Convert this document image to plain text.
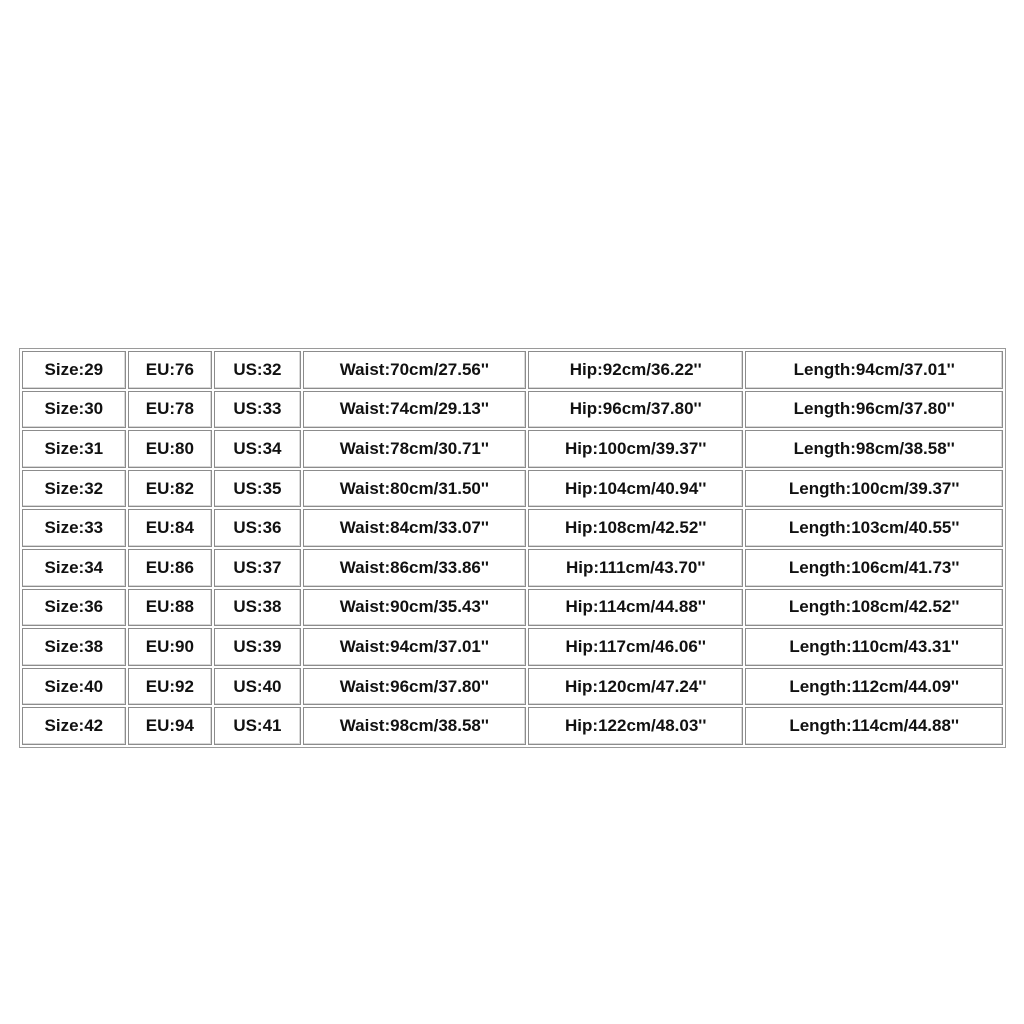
Size:29	EU:76	US:32	Waist:70cm/27.56''	Hip:92cm/36.22''	Length:94cm/37.01''
Size:30	EU:78	US:33	Waist:74cm/29.13''	Hip:96cm/37.80''	Length:96cm/37.80''
Size:31	EU:80	US:34	Waist:78cm/30.71''	Hip:100cm/39.37''	Length:98cm/38.58''
Size:32	EU:82	US:35	Waist:80cm/31.50''	Hip:104cm/40.94''	Length:100cm/39.37''
Size:33	EU:84	US:36	Waist:84cm/33.07''	Hip:108cm/42.52''	Length:103cm/40.55''
Size:34	EU:86	US:37	Waist:86cm/33.86''	Hip:111cm/43.70''	Length:106cm/41.73''
Size:36	EU:88	US:38	Waist:90cm/35.43''	Hip:114cm/44.88''	Length:108cm/42.52''
Size:38	EU:90	US:39	Waist:94cm/37.01''	Hip:117cm/46.06''	Length:110cm/43.31''
Size:40	EU:92	US:40	Waist:96cm/37.80''	Hip:120cm/47.24''	Length:112cm/44.09''
Size:42	EU:94	US:41	Waist:98cm/38.58''	Hip:122cm/48.03''	Length:114cm/44.88''
